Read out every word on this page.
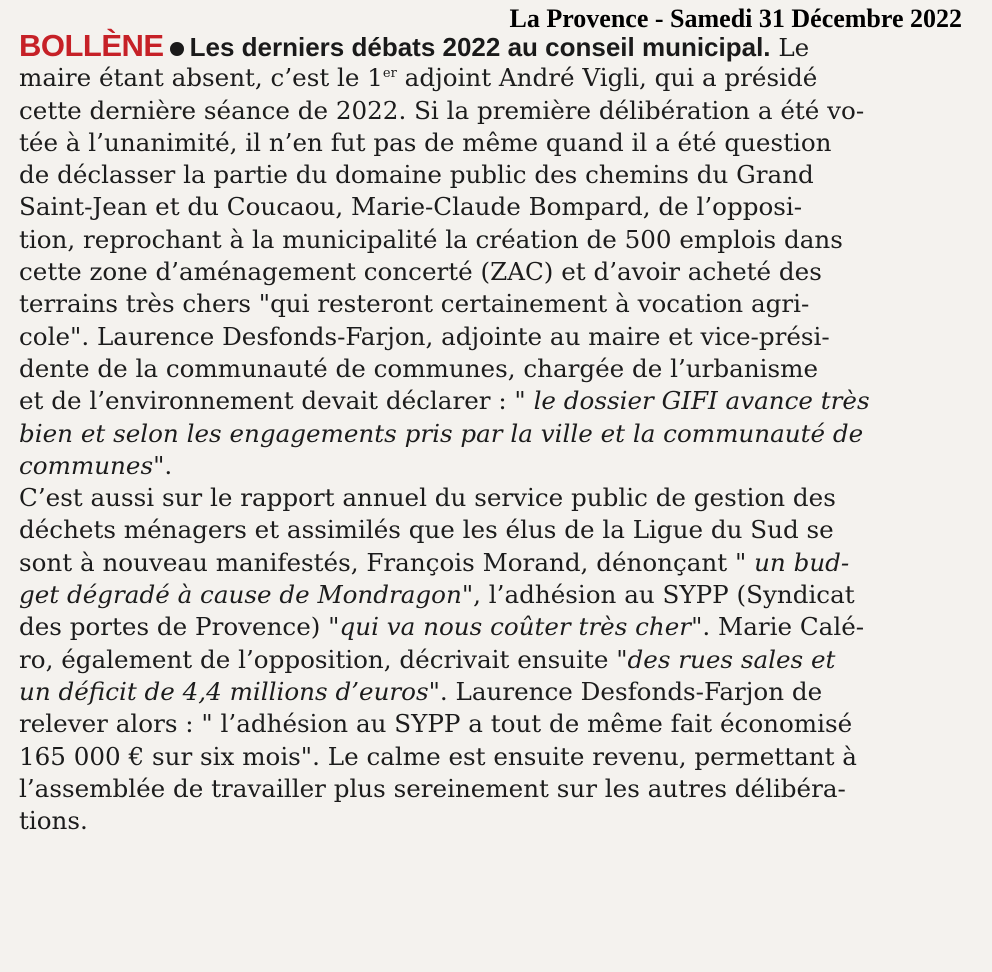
La Provence - Samedi 31 Décembre 2022
BOLLÈNE Les derniers débats 2022 au conseil municipal. Le
maire étant absent, c’est le 1er adjoint André Vigli, qui a présidé
cette dernière séance de 2022. Si la première délibération a été vo-
tée à l’unanimité, il n’en fut pas de même quand il a été question
de déclasser la partie du domaine public des chemins du Grand
Saint-Jean et du Coucaou, Marie-Claude Bompard, de l’opposi-
tion, reprochant à la municipalité la création de 500 emplois dans
cette zone d’aménagement concerté (ZAC) et d’avoir acheté des
terrains très chers "qui resteront certainement à vocation agri-
cole". Laurence Desfonds-Farjon, adjointe au maire et vice-prési-
dente de la communauté de communes, chargée de l’urbanisme
et de l’environnement devait déclarer : " le dossier GIFI avance très
bien et selon les engagements pris par la ville et la communauté de
communes".
C’est aussi sur le rapport annuel du service public de gestion des
déchets ménagers et assimilés que les élus de la Ligue du Sud se
sont à nouveau manifestés, François Morand, dénonçant " un bud-
get dégradé à cause de Mondragon", l’adhésion au SYPP (Syndicat
des portes de Provence) "qui va nous coûter très cher". Marie Calé-
ro, également de l’opposition, décrivait ensuite "des rues sales et
un déficit de 4,4 millions d’euros". Laurence Desfonds-Farjon de
relever alors : " l’adhésion au SYPP a tout de même fait économisé
165 000 € sur six mois". Le calme est ensuite revenu, permettant à
l’assemblée de travailler plus sereinement sur les autres délibéra-
tions.
